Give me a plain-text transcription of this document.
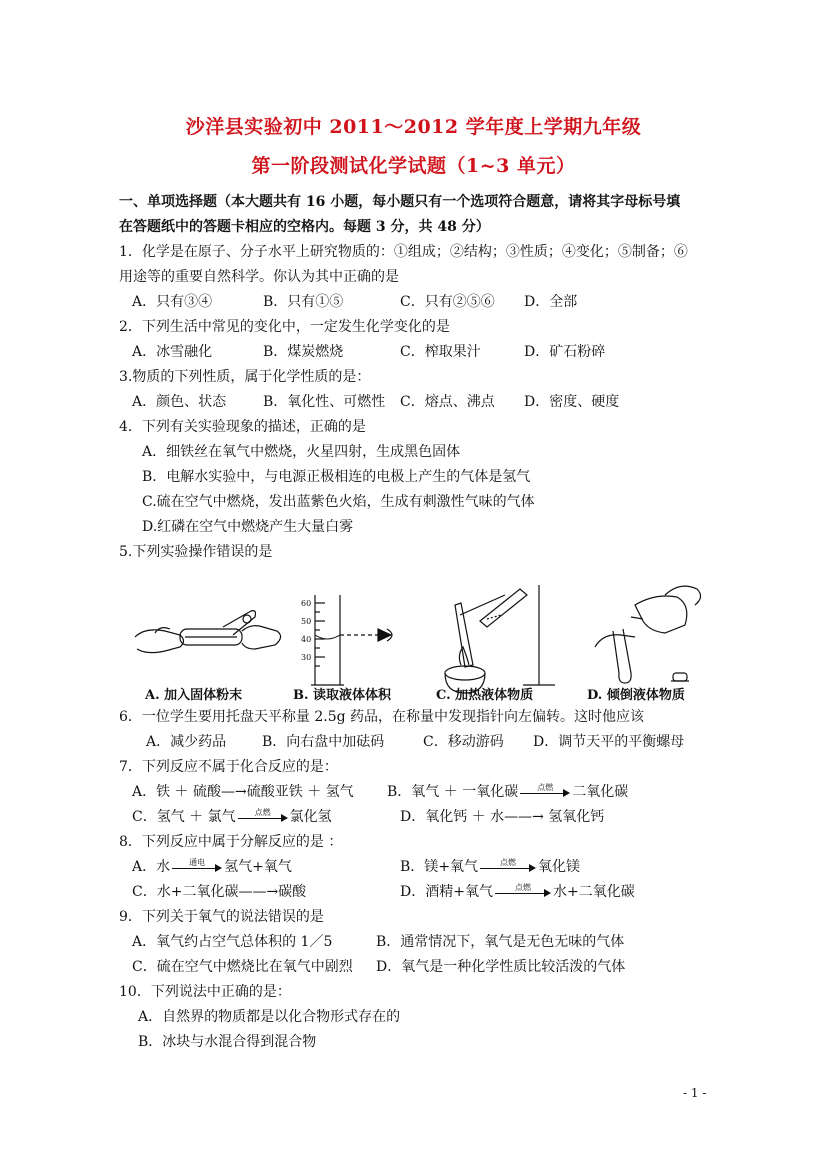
沙洋县实验初中 2011～2012 学年度上学期九年级
第一阶段测试化学试题（1~3 单元）
一、单项选择题（本大题共有 16 小题，每小题只有一个选项符合题意，请将其字母标号填
在答题纸中的答题卡相应的空格内。每题 3 分，共 48 分）
1．化学是在原子、分子水平上研究物质的：①组成；②结构；③性质；④变化；⑤制备；⑥
用途等的重要自然科学。你认为其中正确的是
A．只有③④	B．只有①⑤	C．只有②⑤⑥ D．全部
2．下列生活中常见的变化中，一定发生化学变化的是
A．冰雪融化	B．煤炭燃烧	C．榨取果汁	D．矿石粉碎
3.物质的下列性质，属于化学性质的是：
A．颜色、状态	B．氧化性、可燃性 C．熔点、沸点 D．密度、硬度
4．下列有关实验现象的描述，正确的是
A．细铁丝在氧气中燃烧，火星四射，生成黑色固体
B．电解水实验中，与电源正极相连的电极上产生的气体是氢气
C.硫在空气中燃烧，发出蓝紫色火焰，生成有刺激性气味的气体
D.红磷在空气中燃烧产生大量白雾
5.下列实验操作错误的是
60
50
40
30
A. 加入固体粉末	B. 读取液体体积	C. 加热液体物质	D. 倾倒液体物质
6．一位学生要用托盘天平称量 2.5g 药品，在称量中发现指针向左偏转。这时他应该
A．减少药品	B．向右盘中加砝码	C．移动游码 D．调节天平的平衡螺母
7．下列反应不属于化合反应的是：
A．铁 ＋ 硫酸—→硫酸亚铁 ＋ 氢气 B．氧气 ＋ 一氧化碳	点燃	二氧化碳
C．氢气 ＋ 氯气	点燃	氯化氢	D．氧化钙 ＋ 水——→ 氢氧化钙
8．下列反应中属于分解反应的是 ：
A．水	通电	氢气+氧气	B．镁+氧气	点燃	氧化镁
C．水+二氧化碳——→碳酸	D．酒精+氧气	点燃	水+二氧化碳
9．下列关于氧气的说法错误的是
A．氧气约占空气总体积的 1／5	B．通常情况下，氧气是无色无味的气体
C．硫在空气中燃烧比在氧气中剧烈 D．氧气是一种化学性质比较活泼的气体
10．下列说法中正确的是：
A．自然界的物质都是以化合物形式存在的
B．冰块与水混合得到混合物
- 1 -
